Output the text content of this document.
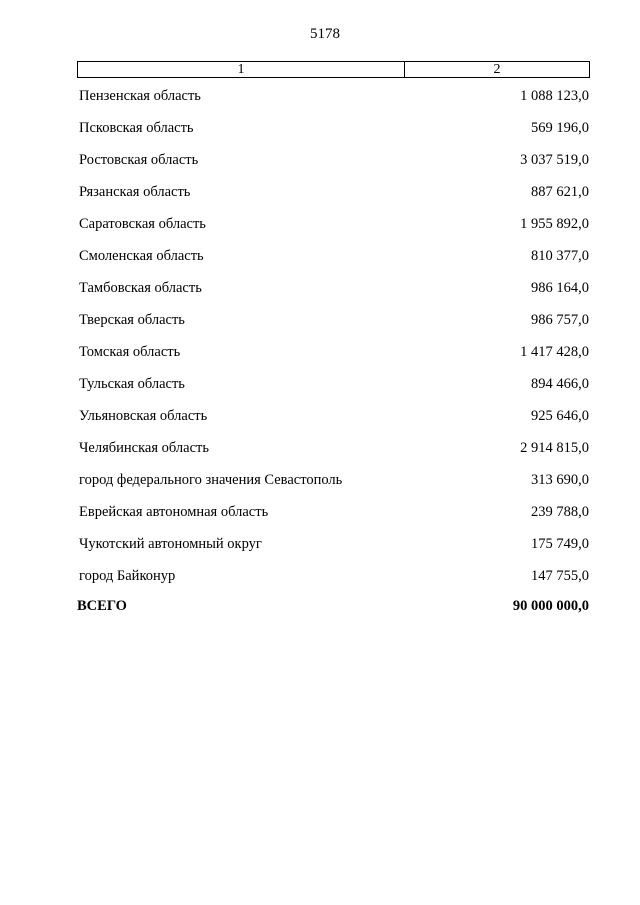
5178
1	2
Пензенская область	1 088 123,0
Псковская область	569 196,0
Ростовская область	3 037 519,0
Рязанская область	887 621,0
Саратовская область	1 955 892,0
Смоленская область	810 377,0
Тамбовская область	986 164,0
Тверская область	986 757,0
Томская область	1 417 428,0
Тульская область	894 466,0
Ульяновская область	925 646,0
Челябинская область	2 914 815,0
город федерального значения Севастополь	313 690,0
Еврейская автономная область	239 788,0
Чукотский автономный округ	175 749,0
город Байконур	147 755,0
ВСЕГО	90 000 000,0
